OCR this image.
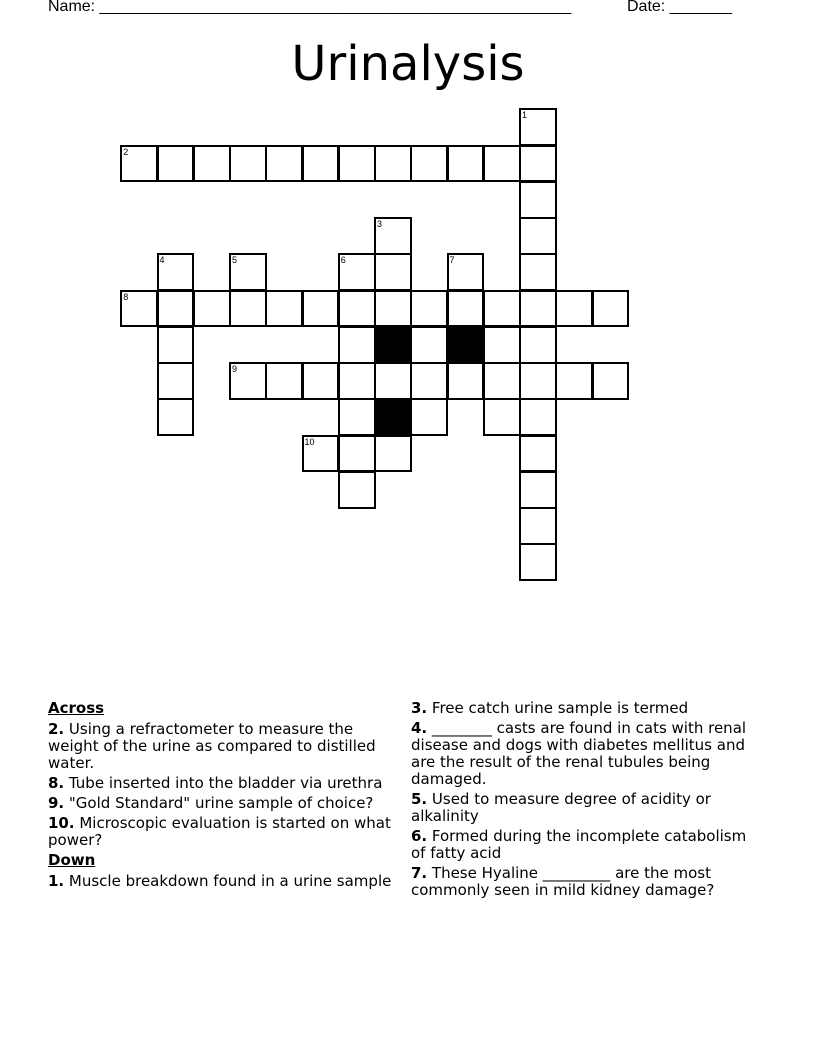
Name: _____________________________________________________	Date: _______
Urinalysis
1
2
3
4	5	6	7
8
9
10
Across
2. Using a refractometer to measure the weight of the urine as compared to distilled water.
8. Tube inserted into the bladder via urethra
9. "Gold Standard" urine sample of choice?
10. Microscopic evaluation is started on what power?
Down
1. Muscle breakdown found in a urine sample
3. Free catch urine sample is termed
4. ________ casts are found in cats with renal disease and dogs with diabetes mellitus and are the result of the renal tubules being damaged.
5. Used to measure degree of acidity or alkalinity
6. Formed during the incomplete catabolism of fatty acid
7. These Hyaline _________ are the most commonly seen in mild kidney damage?
